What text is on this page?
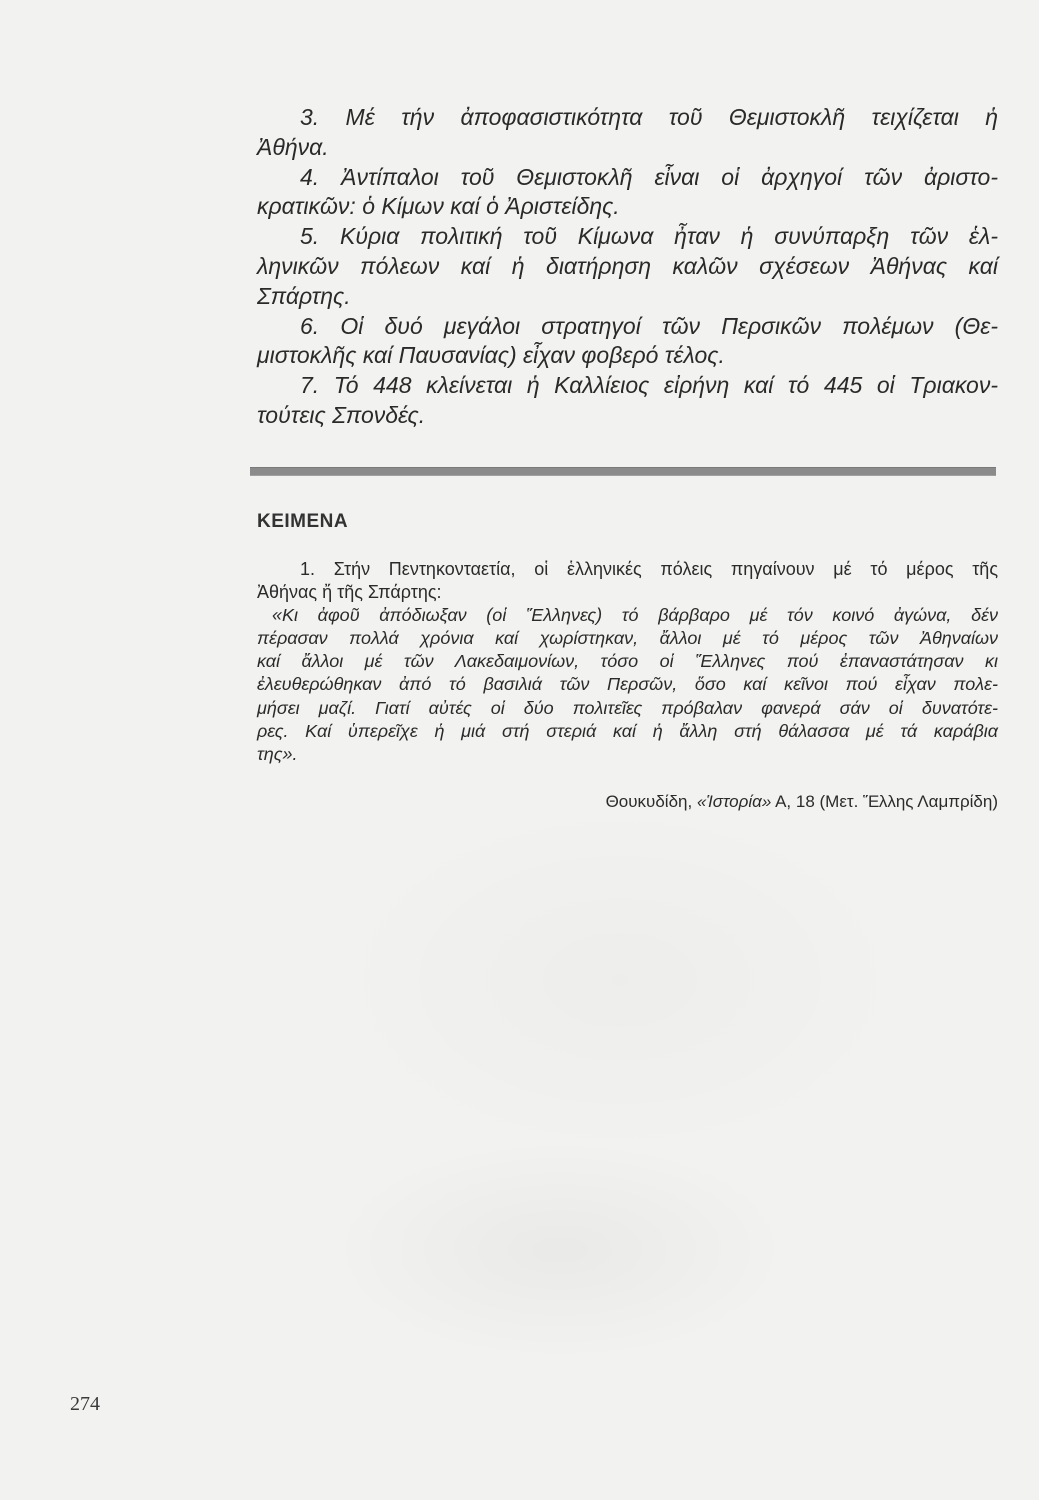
3. Μέ τήν ἀποφασιστικότητα τοῦ Θεμιστοκλῆ τειχίζεται ἡ
Ἀθήνα.
4. Ἀντίπαλοι τοῦ Θεμιστοκλῆ εἶναι οἱ ἀρχηγοί τῶν ἀριστο-
κρατικῶν: ὁ Κίμων καί ὁ Ἀριστείδης.
5. Κύρια πολιτική τοῦ Κίμωνα ἦταν ἡ συνύπαρξη τῶν ἑλ-
ληνικῶν πόλεων καί ἡ διατήρηση καλῶν σχέσεων Ἀθήνας καί
Σπάρτης.
6. Οἱ δυό μεγάλοι στρατηγοί τῶν Περσικῶν πολέμων (Θε-
μιστοκλῆς καί Παυσανίας) εἶχαν φοβερό τέλος.
7. Τό 448 κλείνεται ἡ Καλλίειος εἰρήνη καί τό 445 οἱ Τριακον-
τούτεις Σπονδές.
ΚΕΙΜΕΝΑ
1. Στήν Πεντηκονταετία, οἱ ἑλληνικές πόλεις πηγαίνουν μέ τό μέρος τῆς
Ἀθήνας ἤ τῆς Σπάρτης:
«Κι ἀφοῦ ἀπόδιωξαν (οἱ Ἕλληνες) τό βάρβαρο μέ τόν κοινό ἀγώνα, δέν
πέρασαν πολλά χρόνια καί χωρίστηκαν, ἄλλοι μέ τό μέρος τῶν Ἀθηναίων
καί ἄλλοι μέ τῶν Λακεδαιμονίων, τόσο οἱ Ἕλληνες πού ἐπαναστάτησαν κι
ἐλευθερώθηκαν ἀπό τό βασιλιά τῶν Περσῶν, ὅσο καί κεῖνοι πού εἶχαν πολε-
μήσει μαζί. Γιατί αὐτές οἱ δύο πολιτεῖες πρόβαλαν φανερά σάν οἱ δυνατότε-
ρες. Καί ὑπερεῖχε ἡ μιά στή στεριά καί ἡ ἄλλη στή θάλασσα μέ τά καράβια
της».
Θουκυδίδη, «Ἱστορία» Α, 18 (Μετ. Ἕλλης Λαμπρίδη)
274
